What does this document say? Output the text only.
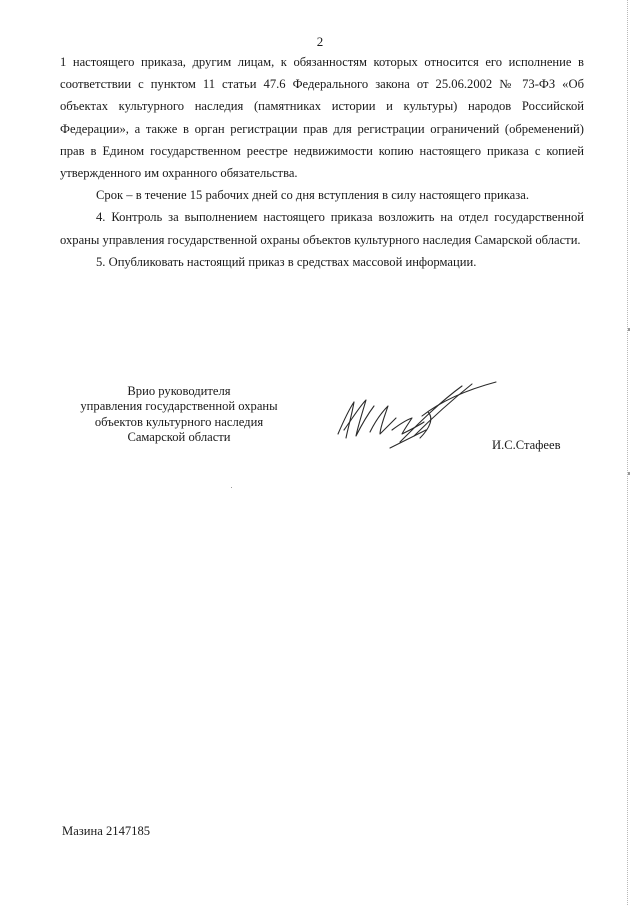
2

1 настоящего приказа, другим лицам, к обязанностям которых относится его исполнение в соответствии с пунктом 11 статьи 47.6 Федерального закона от 25.06.2002 № 73-ФЗ «Об объектах культурного наследия (памятниках истории и культуры) народов Российской Федерации», а также в орган регистрации прав для регистрации ограничений (обременений) прав в Едином государственном реестре недвижимости копию настоящего приказа с копией утвержденного им охранного обязательства.

Срок – в течение 15 рабочих дней со дня вступления в силу настоящего приказа.

4. Контроль за выполнением настоящего приказа возложить на отдел государственной охраны управления государственной охраны объектов культурного наследия Самарской области.

5. Опубликовать настоящий приказ в средствах массовой информации.

Врио руководителя
управления государственной охраны
объектов культурного наследия
Самарской области
И.С.Стафеев
Мазина 2147185
